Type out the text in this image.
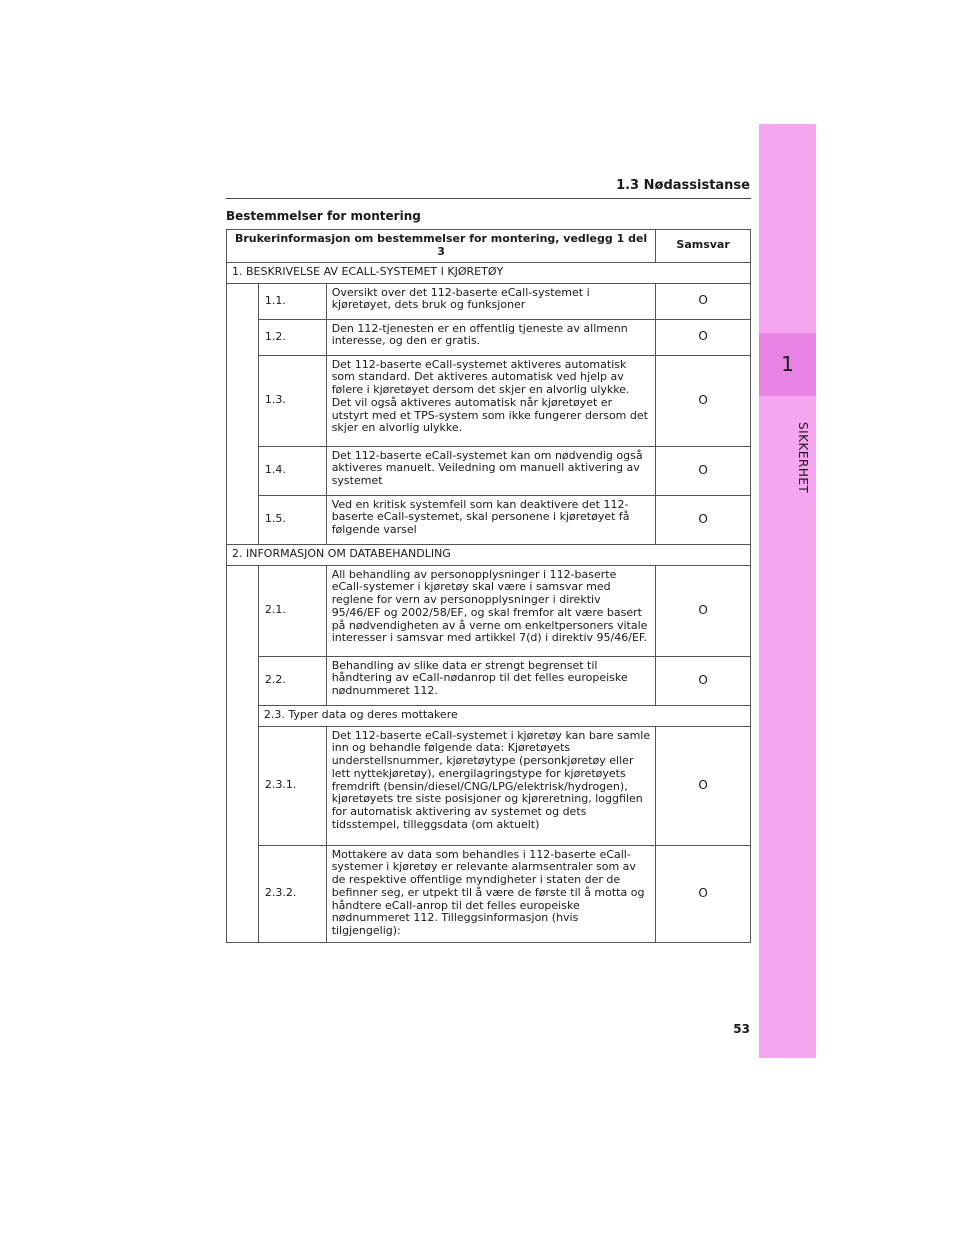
1
SIKKERHET
1.3 Nødassistanse
Bestemmelser for montering
Brukerinformasjon om bestemmelser for montering, vedlegg 1 del 3			Samsvar
1. BESKRIVELSE AV ECALL-SYSTEMET I KJØRETØY			
	1.1.	Oversikt over det 112-baserte eCall-systemet i kjøretøyet, dets bruk og funksjoner	O
	1.2.	Den 112-tjenesten er en offentlig tjeneste av allmenn interesse, og den er gratis.	O
	1.3.	Det 112-baserte eCall-systemet aktiveres automatisk som standard. Det aktiveres automatisk ved hjelp av følere i kjøretøyet dersom det skjer en alvorlig ulykke. Det vil også aktiveres automatisk når kjøretøyet er utstyrt med et TPS-system som ikke fungerer dersom det skjer en alvorlig ulykke.	O
	1.4.	Det 112-baserte eCall-systemet kan om nødvendig også aktiveres manuelt. Veiledning om manuell aktivering av systemet	O
	1.5.	Ved en kritisk systemfeil som kan deaktivere det 112-baserte eCall-systemet, skal personene i kjøretøyet få følgende varsel	O
2. INFORMASJON OM DATABEHANDLING			
	2.1.	All behandling av personopplysninger i 112-baserte eCall-systemer i kjøretøy skal være i samsvar med reglene for vern av personopplysninger i direktiv 95/46/EF og 2002/58/EF, og skal fremfor alt være basert på nødvendigheten av å verne om enkeltpersoners vitale interesser i samsvar med artikkel 7(d) i direktiv 95/46/EF.	O
	2.2.	Behandling av slike data er strengt begrenset til håndtering av eCall-nødanrop til det felles europeiske nødnummeret 112.	O
	2.3. Typer data og deres mottakere		
	2.3.1.	Det 112-baserte eCall-systemet i kjøretøy kan bare samle inn og behandle følgende data: Kjøretøyets understellsnummer, kjøretøytype (personkjøretøy eller lett nyttekjøretøy), energilagringstype for kjøretøyets fremdrift (bensin/diesel/CNG/LPG/elektrisk/hydrogen), kjøretøyets tre siste posisjoner og kjøreretning, loggfilen for automatisk aktivering av systemet og dets tidsstempel, tilleggsdata (om aktuelt)	O
	2.3.2.	Mottakere av data som behandles i 112-baserte eCall-systemer i kjøretøy er relevante alarmsentraler som av de respektive offentlige myndigheter i staten der de befinner seg, er utpekt til å være de første til å motta og håndtere eCall-anrop til det felles europeiske nødnummeret 112. Tilleggsinformasjon (hvis tilgjengelig):	O
53
